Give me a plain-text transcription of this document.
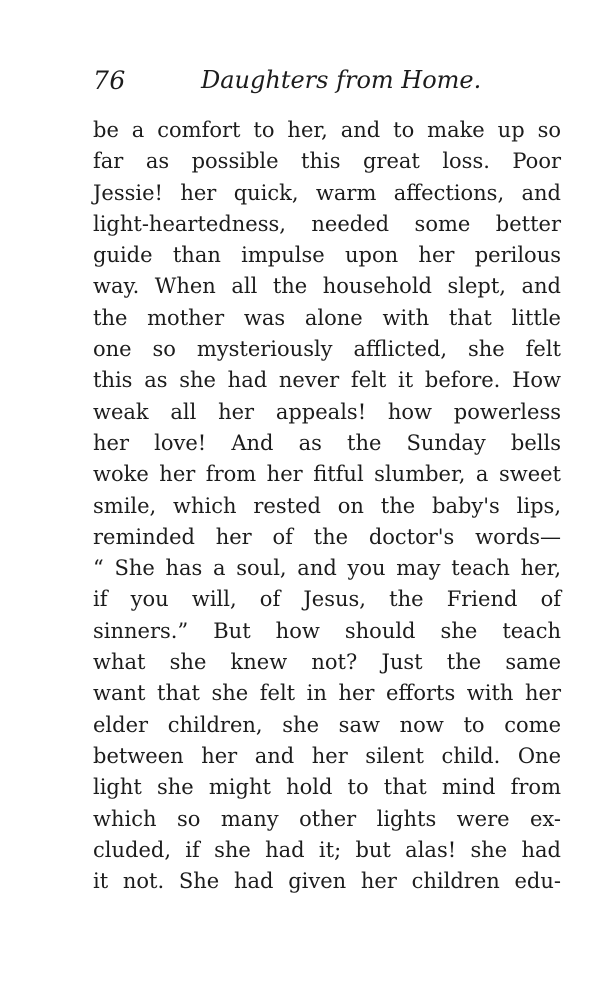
76	Daughters from Home.
be a comfort to her, and to make up so
far as possible this great loss. Poor
Jessie! her quick, warm affections, and
light-heartedness, needed some better
guide than impulse upon her perilous
way. When all the household slept, and
the mother was alone with that little
one so mysteriously afflicted, she felt
this as she had never felt it before. How
weak all her appeals! how powerless
her love! And as the Sunday bells
woke her from her fitful slumber, a sweet
smile, which rested on the baby's lips,
reminded her of the doctor's words—
“ She has a soul, and you may teach her,
if you will, of Jesus, the Friend of
sinners.” But how should she teach
what she knew not? Just the same
want that she felt in her efforts with her
elder children, she saw now to come
between her and her silent child. One
light she might hold to that mind from
which so many other lights were ex-
cluded, if she had it; but alas! she had
it not. She had given her children edu-
